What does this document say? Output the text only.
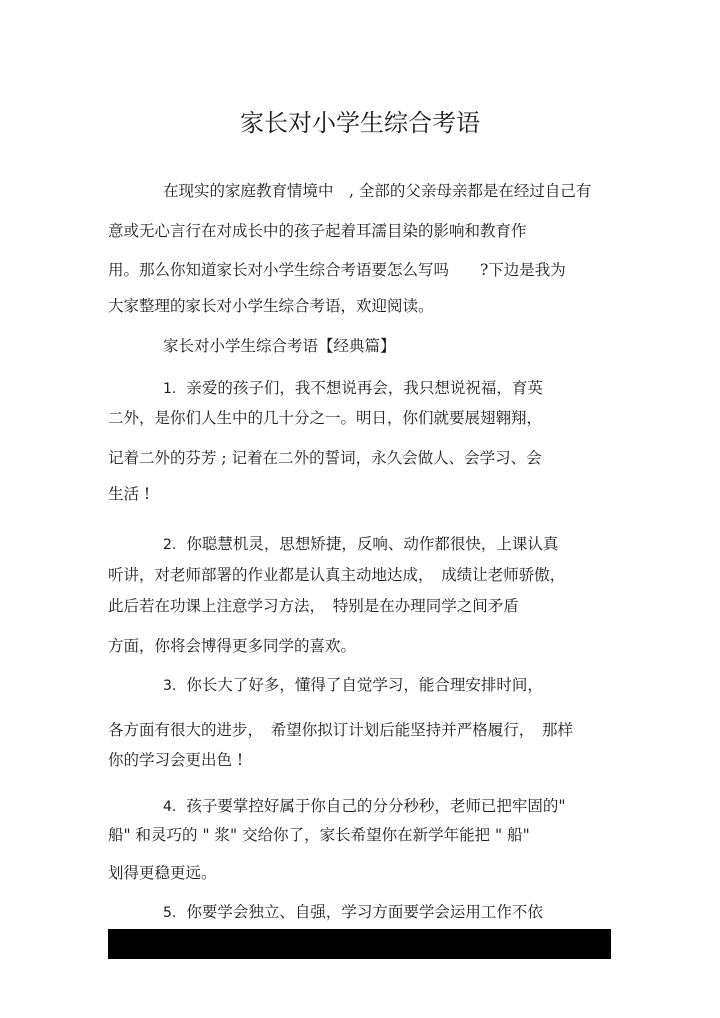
家长对小学生综合考语
在现实的家庭教育情境中　, 全部的父亲母亲都是在经过自己有
意或无心言行在对成长中的孩子起着耳濡目染的影响和教育作
用。那么你知道家长对小学生综合考语要怎么写吗　　?下边是我为
大家整理的家长对小学生综合考语，欢迎阅读。
家长对小学生综合考语【经典篇】
1. 亲爱的孩子们，我不想说再会，我只想说祝福，育英
二外，是你们人生中的几十分之一。明日，你们就要展翅翱翔，
记着二外的芬芳 ; 记着在二外的誓词，永久会做人、会学习、会
生活 !
2. 你聪慧机灵，思想矫捷，反响、动作都很快，上课认真
听讲，对老师部署的作业都是认真主动地达成，　成绩让老师骄傲，
此后若在功课上注意学习方法，　特别是在办理同学之间矛盾
方面，你将会博得更多同学的喜欢。
3. 你长大了好多，懂得了自觉学习，能合理安排时间，
各方面有很大的进步，　希望你拟订计划后能坚持并严格履行，　那样
你的学习会更出色 !
4. 孩子要掌控好属于你自己的分分秒秒，老师已把牢固的"
船" 和灵巧的 " 浆" 交给你了，家长希望你在新学年能把 " 船"
划得更稳更远。
5. 你要学会独立、自强，学习方面要学会运用工作不依
